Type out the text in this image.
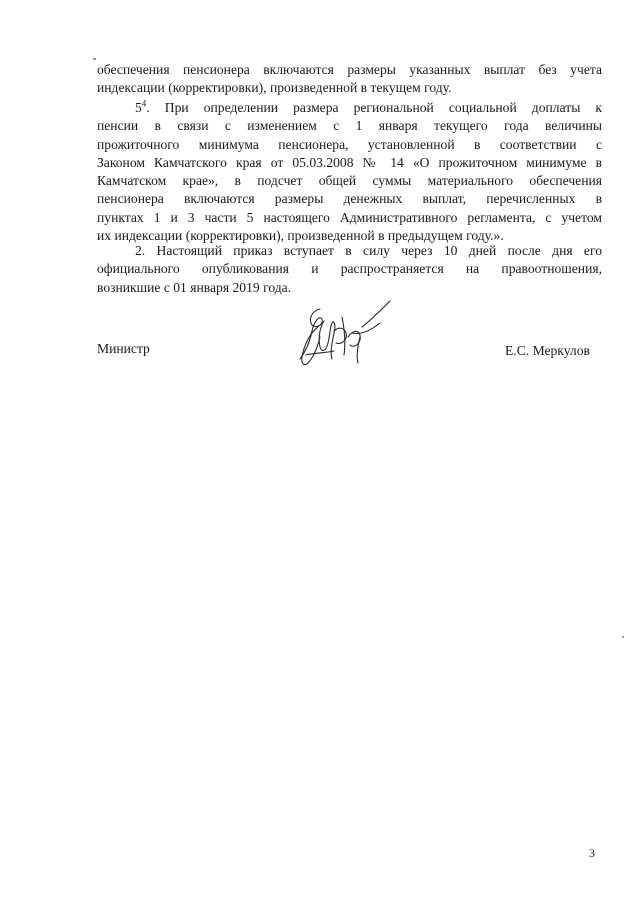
обеспечения пенсионера включаются размеры указанных выплат без учета
индексации (корректировки), произведенной в текущем году.
$5^4$. При определении размера региональной социальной доплаты к
пенсии в связи с изменением с 1 января текущего года величины
прожиточного минимума пенсионера, установленной в соответствии с
Законом Камчатского края от 05.03.2008 № 14 «О прожиточном минимуме в
Камчатском крае», в подсчет общей суммы материального обеспечения
пенсионера включаются размеры денежных выплат, перечисленных в
пунктах 1 и 3 части 5 настоящего Административного регламента, с учетом
их индексации (корректировки), произведенной в предыдущем году.».
2. Настоящий приказ вступает в силу через 10 дней после дня его
официального опубликования и распространяется на правоотношения,
возникшие с 01 января 2019 года.
Министр	Е.С. Меркулов
3
